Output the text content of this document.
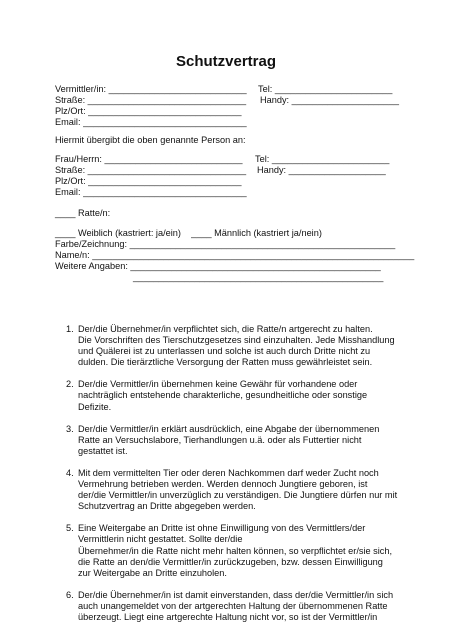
Schutzvertrag
Vermittler/in: ___________________________ Tel: _______________________
Straße: _______________________________ Handy: _____________________
Plz/Ort: ______________________________
Email: ________________________________
Hiermit übergibt die oben genannte Person an:
Frau/Herrn: ___________________________ Tel: _______________________
Straße: _______________________________ Handy: ___________________
Plz/Ort: ______________________________
Email: ________________________________
____ Ratte/n:
____ Weiblich (kastriert: ja/ein)    ____ Männlich (kastriert ja/nein)
Farbe/Zeichnung: ____________________________________________________
Name/n: _______________________________________________________________
Weitere Angaben: _________________________________________________
_________________________________________________
1. Der/die Übernehmer/in verpflichtet sich, die Ratte/n artgerecht zu halten.
Die Vorschriften des Tierschutzgesetzes sind einzuhalten. Jede Misshandlung
und Quälerei ist zu unterlassen und solche ist auch durch Dritte nicht zu
dulden. Die tierärztliche Versorgung der Ratten muss gewährleistet sein.
2. Der/die Vermittler/in übernehmen keine Gewähr für vorhandene oder
nachträglich entstehende charakterliche, gesundheitliche oder sonstige
Defizite.
3. Der/die Vermittler/in erklärt ausdrücklich, eine Abgabe der übernommenen
Ratte an Versuchslabore, Tierhandlungen u.ä. oder als Futtertier nicht
gestattet ist.
4. Mit dem vermittelten Tier oder deren Nachkommen darf weder Zucht noch
Vermehrung betrieben werden. Werden dennoch Jungtiere geboren, ist
der/die Vermittler/in unverzüglich zu verständigen. Die Jungtiere dürfen nur mit
Schutzvertrag an Dritte abgegeben werden.
5. Eine Weitergabe an Dritte ist ohne Einwilligung von des Vermittlers/der
Vermittlerin nicht gestattet. Sollte der/die
Übernehmer/in die Ratte nicht mehr halten können, so verpflichtet er/sie sich,
die Ratte an den/die Vermittler/in zurückzugeben, bzw. dessen Einwilligung
zur Weitergabe an Dritte einzuholen.
6. Der/die Übernehmer/in ist damit einverstanden, dass der/die Vermittler/in sich
auch unangemeldet von der artgerechten Haltung der übernommenen Ratte
überzeugt. Liegt eine artgerechte Haltung nicht vor, so ist der Vermittler/in
